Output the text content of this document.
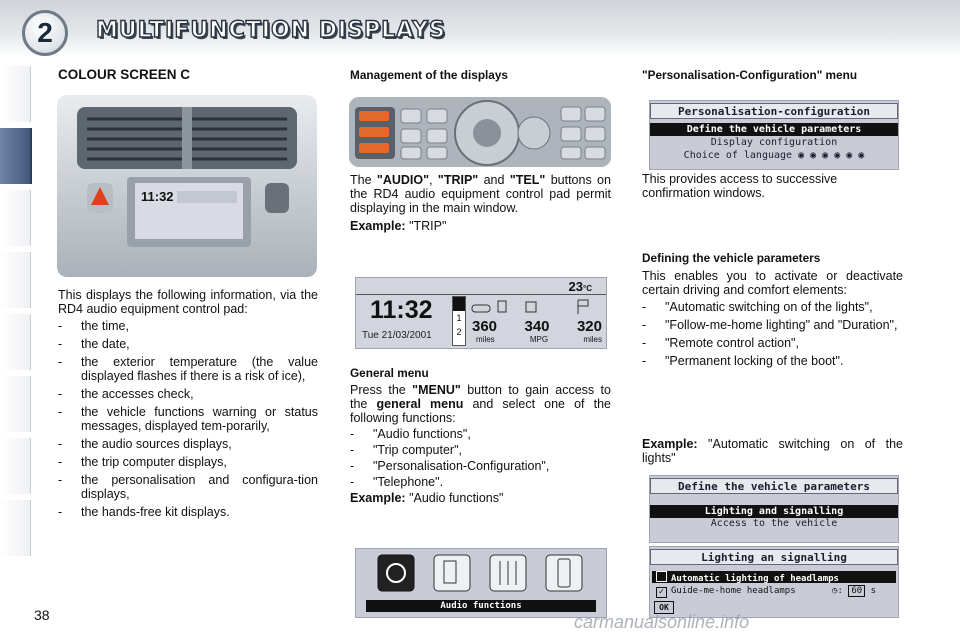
2	MULTIFUNCTION DISPLAYS
COLOUR SCREEN C
11:32

This displays the following information, via the RD4 audio equipment control pad:

- the time,
- the date,
- the exterior temperature (the value displayed flashes if there is a risk of ice),
- the accesses check,
- the vehicle functions warning or status messages, displayed tem-porarily,
- the audio sources displays,
- the trip computer displays,
- the personalisation and configura-tion displays,
- the hands-free kit displays.
Management of the displays

The "AUDIO", "TRIP" and "TEL" buttons on the RD4 audio equipment control pad permit displaying in the main window.

Example: "TRIP"

23°C
11:32
Tue 21/03/2001
1
2 360 340 320
miles	MPG	miles
General menu

Press the "MENU" button to gain access to the general menu and select one of the following functions:

- "Audio functions",
- "Trip computer",
- "Personalisation-Configuration",
- "Telephone".

Example: "Audio functions"

Audio functions
"Personalisation-Configuration" menu
Personalisation-configuration
Define the vehicle parameters
Display configuration
Choice of language ◉ ◉ ◉ ◉ ◉ ◉
This provides access to successive confirmation windows.
Defining the vehicle parameters

This enables you to activate or deactivate certain driving and comfort elements:

- "Automatic switching on of the lights",
- "Follow-me-home lighting" and "Duration",
- "Remote control action",
- "Permanent locking of the boot".

Example: "Automatic switching on of the lights"

Define the vehicle parameters
Lighting and signalling
Access to the vehicle
Lighting an signalling
Automatic lighting of headlamps
✓ Guide-me-home headlamps	◷: 60 s
OK
38	carmanualsonline.info
